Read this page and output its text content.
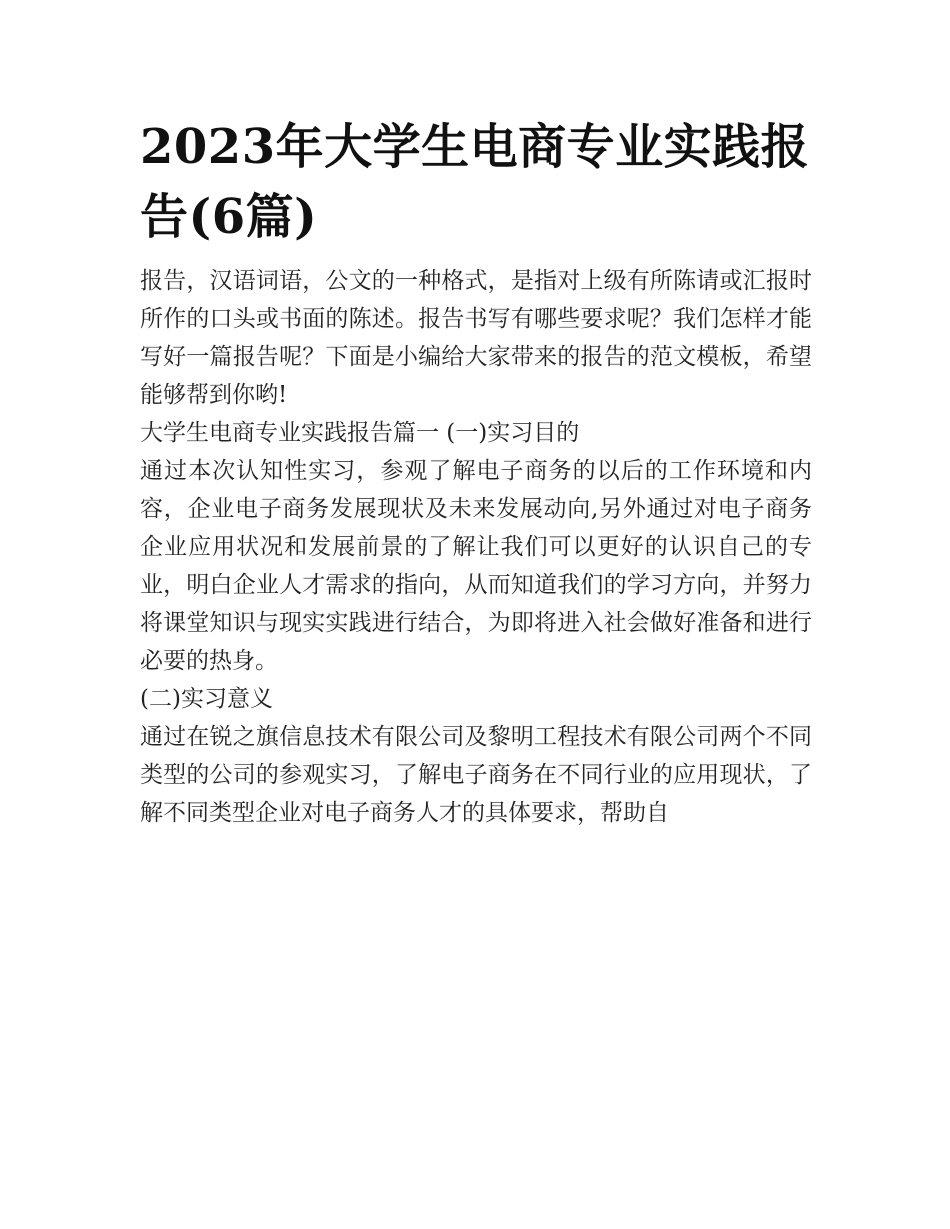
2023年大学生电商专业实践报告(6篇)

报告，汉语词语，公文的一种格式，是指对上级有所陈请或汇报时所作的口头或书面的陈述。报告书写有哪些要求呢？我们怎样才能写好一篇报告呢？下面是小编给大家带来的报告的范文模板，希望能够帮到你哟!

大学生电商专业实践报告篇一 (一)实习目的

通过本次认知性实习，参观了解电子商务的以后的工作环境和内容，企业电子商务发展现状及未来发展动向,另外通过对电子商务企业应用状况和发展前景的了解让我们可以更好的认识自己的专业，明白企业人才需求的指向，从而知道我们的学习方向，并努力将课堂知识与现实实践进行结合，为即将进入社会做好准备和进行必要的热身。

(二)实习意义

通过在锐之旗信息技术有限公司及黎明工程技术有限公司两个不同类型的公司的参观实习，了解电子商务在不同行业的应用现状，了解不同类型企业对电子商务人才的具体要求，帮助自
